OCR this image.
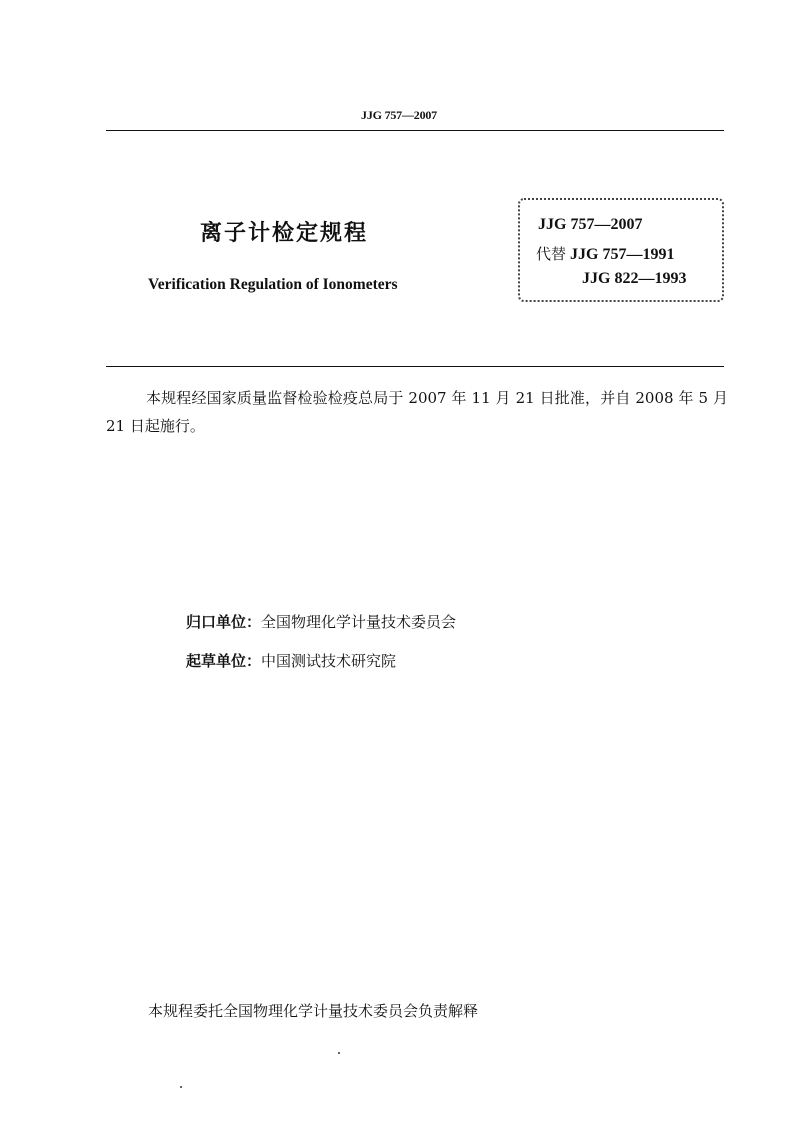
JJG 757—2007
离子计检定规程
Verification Regulation of Ionometers
JJG 757—2007
代替 JJG 757—1991
JJG 822—1993
本规程经国家质量监督检验检疫总局于 2007 年 11 月 21 日批准，并自 2008 年 5 月 21 日起施行。
归口单位：全国物理化学计量技术委员会
起草单位：中国测试技术研究院
本规程委托全国物理化学计量技术委员会负责解释
